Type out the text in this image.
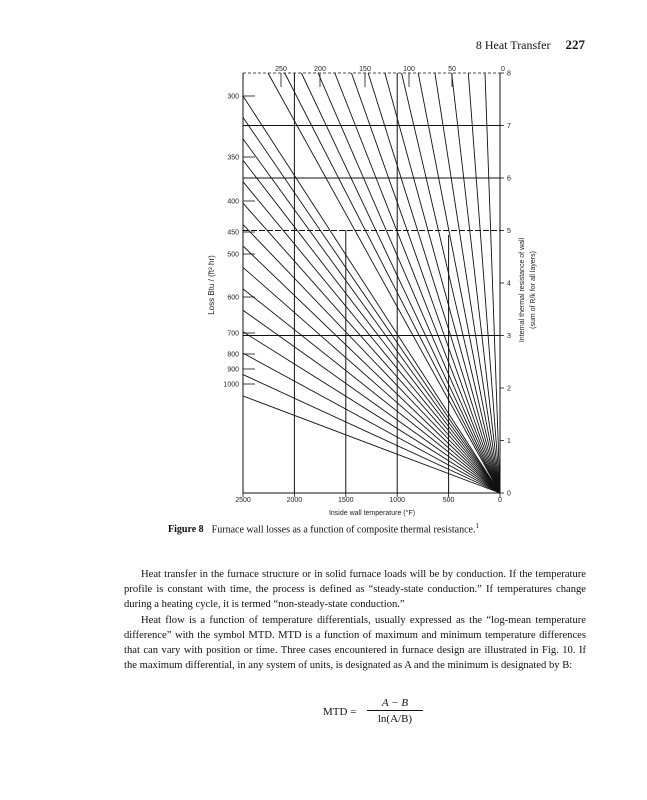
8 Heat Transfer 227
250	200	150	100	50	0
2500	2000	1500	1000	500	0
300
350
400
450
500
600
700
800
900
1000
8
7
6
5
4
3
2
1
0
Inside wall temperature (°F)
Loss Btu / (ft² hr)	Internal thermal resistance of wall (sum of R/k for all layers)
Figure 8 Furnace wall losses as a function of composite thermal resistance.$^1$

Heat transfer in the furnace structure or in solid furnace loads will be by conduction. If the temperature profile is constant with time, the process is defined as “steady-state conduction.” If temperatures change during a heating cycle, it is termed “non-steady-state conduction.”

Heat flow is a function of temperature differentials, usually expressed as the “log-mean temperature difference” with the symbol MTD. MTD is a function of maximum and minimum temperature differences that can vary with position or time. Three cases encountered in furnace design are illustrated in Fig. 10. If the maximum differential, in any system of units, is designated as A and the minimum is designated by B:

MTD = $\frac{A - B}{\ln(A/B)}$
